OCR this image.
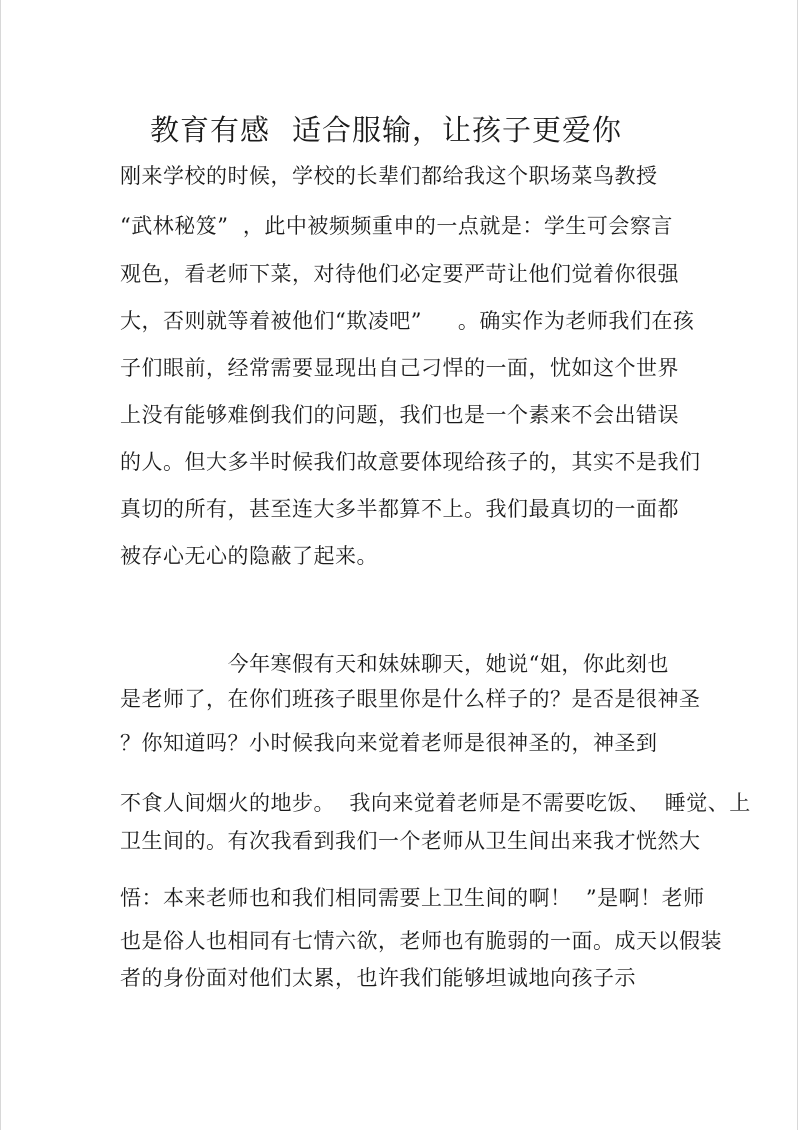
教育有感 适合服输，让孩子更爱你
刚来学校的时候，学校的长辈们都给我这个职场菜鸟教授
“武林秘笈”  ，此中被频频重申的一点就是：学生可会察言
观色，看老师下菜，对待他们必定要严苛让他们觉着你很强
大，否则就等着被他们“欺凌吧”     。确实作为老师我们在孩
子们眼前，经常需要显现出自己刁悍的一面，忧如这个世界
上没有能够难倒我们的问题，我们也是一个素来不会出错误
的人。但大多半时候我们故意要体现给孩子的，其实不是我们
真切的所有，甚至连大多半都算不上。我们最真切的一面都
被存心无心的隐蔽了起来。
今年寒假有天和妹妹聊天，她说“姐，你此刻也
是老师了，在你们班孩子眼里你是什么样子的？是否是很神圣
？你知道吗？小时候我向来觉着老师是很神圣的，神圣到
不食人间烟火的地步。  我向来觉着老师是不需要吃饭、  睡觉、上
卫生间的。有次我看到我们一个老师从卫生间出来我才恍然大
悟：本来老师也和我们相同需要上卫生间的啊！  ”是啊！老师
也是俗人也相同有七情六欲，老师也有脆弱的一面。成天以假装
者的身份面对他们太累，也许我们能够坦诚地向孩子示
